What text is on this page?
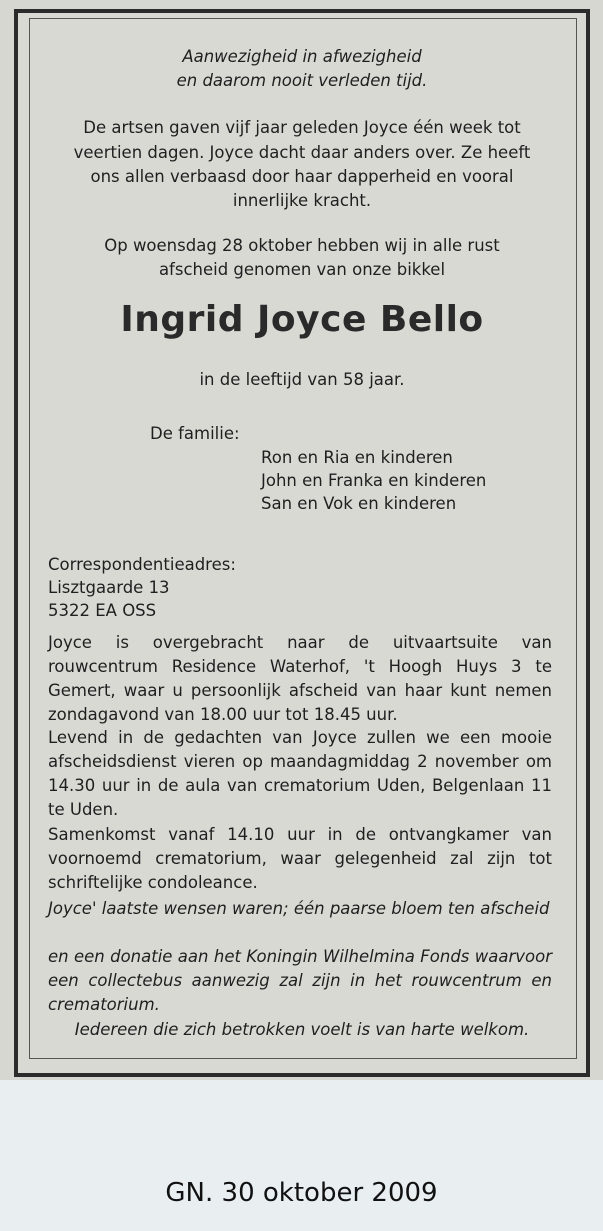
Aanwezigheid in afwezigheid
en daarom nooit verleden tijd.
De artsen gaven vijf jaar geleden Joyce één week tot
veertien dagen. Joyce dacht daar anders over. Ze heeft
ons allen verbaasd door haar dapperheid en vooral
innerlijke kracht.
Op woensdag 28 oktober hebben wij in alle rust
afscheid genomen van onze bikkel
Ingrid Joyce Bello
in de leeftijd van 58 jaar.
De familie:
Ron en Ria en kinderen
John en Franka en kinderen
San en Vok en kinderen
Correspondentieadres:
Lisztgaarde 13
5322 EA OSS
Joyce is overgebracht naar de uitvaartsuite van rouwcentrum Residence Waterhof, 't Hoogh Huys 3 te Gemert, waar u persoonlijk afscheid van haar kunt nemen zondagavond van 18.00 uur tot 18.45 uur.
Levend in de gedachten van Joyce zullen we een mooie afscheidsdienst vieren op maandagmiddag 2 november om 14.30 uur in de aula van crematorium Uden, Belgenlaan 11 te Uden.
Samenkomst vanaf 14.10 uur in de ontvangkamer van voornoemd crematorium, waar gelegenheid zal zijn tot schriftelijke condoleance.
Joyce' laatste wensen waren; één paarse bloem ten afscheid
en een donatie aan het Koningin Wilhelmina Fonds waarvoor een collectebus aanwezig zal zijn in het rouwcentrum en crematorium.
Iedereen die zich betrokken voelt is van harte welkom.
GN. 30 oktober 2009
